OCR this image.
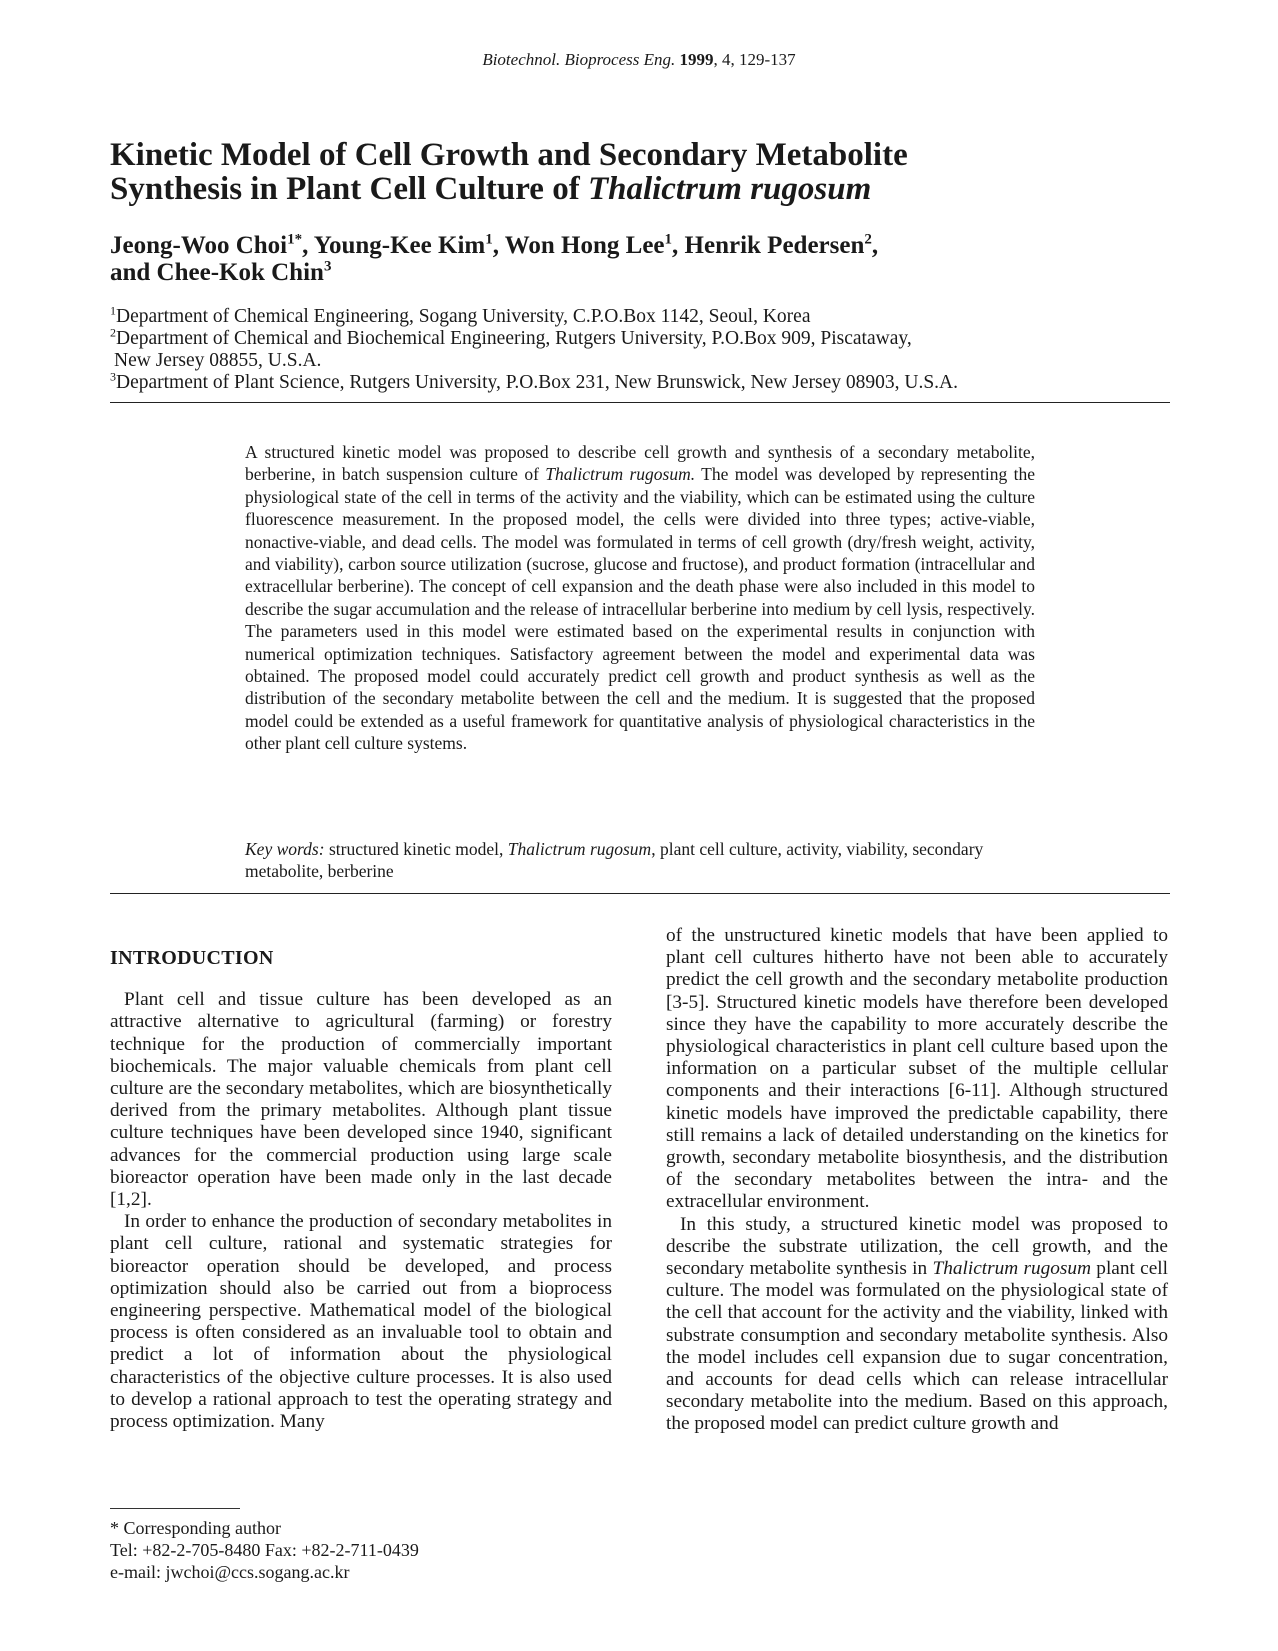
Biotechnol. Bioprocess Eng. 1999, 4, 129-137
Kinetic Model of Cell Growth and Secondary Metabolite
Synthesis in Plant Cell Culture of Thalictrum rugosum
Jeong-Woo Choi$^{1*}$, Young-Kee Kim$^1$, Won Hong Lee$^1$, Henrik Pedersen$^2$,
and Chee-Kok Chin$^3$
$^1$Department of Chemical Engineering, Sogang University, C.P.O.Box 1142, Seoul, Korea
$^2$Department of Chemical and Biochemical Engineering, Rutgers University, P.O.Box 909, Piscataway,
New Jersey 08855, U.S.A.
$^3$Department of Plant Science, Rutgers University, P.O.Box 231, New Brunswick, New Jersey 08903, U.S.A.
A structured kinetic model was proposed to describe cell growth and synthesis of a secondary metabolite, berberine, in batch suspension culture of Thalictrum rugosum. The model was developed by representing the physiological state of the cell in terms of the activity and the viability, which can be estimated using the culture fluorescence measurement. In the proposed model, the cells were divided into three types; active-viable, nonactive-viable, and dead cells. The model was formulated in terms of cell growth (dry/fresh weight, activity, and viability), carbon source utilization (sucrose, glucose and fructose), and product formation (intracellular and extracellular berberine). The concept of cell expansion and the death phase were also included in this model to describe the sugar accumulation and the release of intracellular berberine into medium by cell lysis, respectively. The parameters used in this model were estimated based on the experimental results in conjunction with numerical optimization techniques. Satisfactory agreement between the model and experimental data was obtained. The proposed model could accurately predict cell growth and product synthesis as well as the distribution of the secondary metabolite between the cell and the medium. It is suggested that the proposed model could be extended as a useful framework for quantitative analysis of physiological characteristics in the other plant cell culture systems.
Key words: structured kinetic model, Thalictrum rugosum, plant cell culture, activity, viability, secondary metabolite, berberine
INTRODUCTION

Plant cell and tissue culture has been developed as an attractive alternative to agricultural (farming) or forestry technique for the production of commercially important biochemicals. The major valuable chemicals from plant cell culture are the secondary metabolites, which are biosynthetically derived from the primary metabolites. Although plant tissue culture techniques have been developed since 1940, significant advances for the commercial production using large scale bioreactor operation have been made only in the last decade [1,2].

In order to enhance the production of secondary metabolites in plant cell culture, rational and systematic strategies for bioreactor operation should be developed, and process optimization should also be carried out from a bioprocess engineering perspective. Mathematical model of the biological process is often considered as an invaluable tool to obtain and predict a lot of information about the physiological characteristics of the objective culture processes. It is also used to develop a rational approach to test the operating strategy and process optimization. Many

of the unstructured kinetic models that have been applied to plant cell cultures hitherto have not been able to accurately predict the cell growth and the secondary metabolite production [3-5]. Structured kinetic models have therefore been developed since they have the capability to more accurately describe the physiological characteristics in plant cell culture based upon the information on a particular subset of the multiple cellular components and their interactions [6-11]. Although structured kinetic models have improved the predictable capability, there still remains a lack of detailed understanding on the kinetics for growth, secondary metabolite biosynthesis, and the distribution of the secondary metabolites between the intra- and the extracellular environment.

In this study, a structured kinetic model was proposed to describe the substrate utilization, the cell growth, and the secondary metabolite synthesis in Thalictrum rugosum plant cell culture. The model was formulated on the physiological state of the cell that account for the activity and the viability, linked with substrate consumption and secondary metabolite synthesis. Also the model includes cell expansion due to sugar concentration, and accounts for dead cells which can release intracellular secondary metabolite into the medium. Based on this approach, the proposed model can predict culture growth and

* Corresponding author
Tel: +82-2-705-8480 Fax: +82-2-711-0439
e-mail: jwchoi@ccs.sogang.ac.kr
